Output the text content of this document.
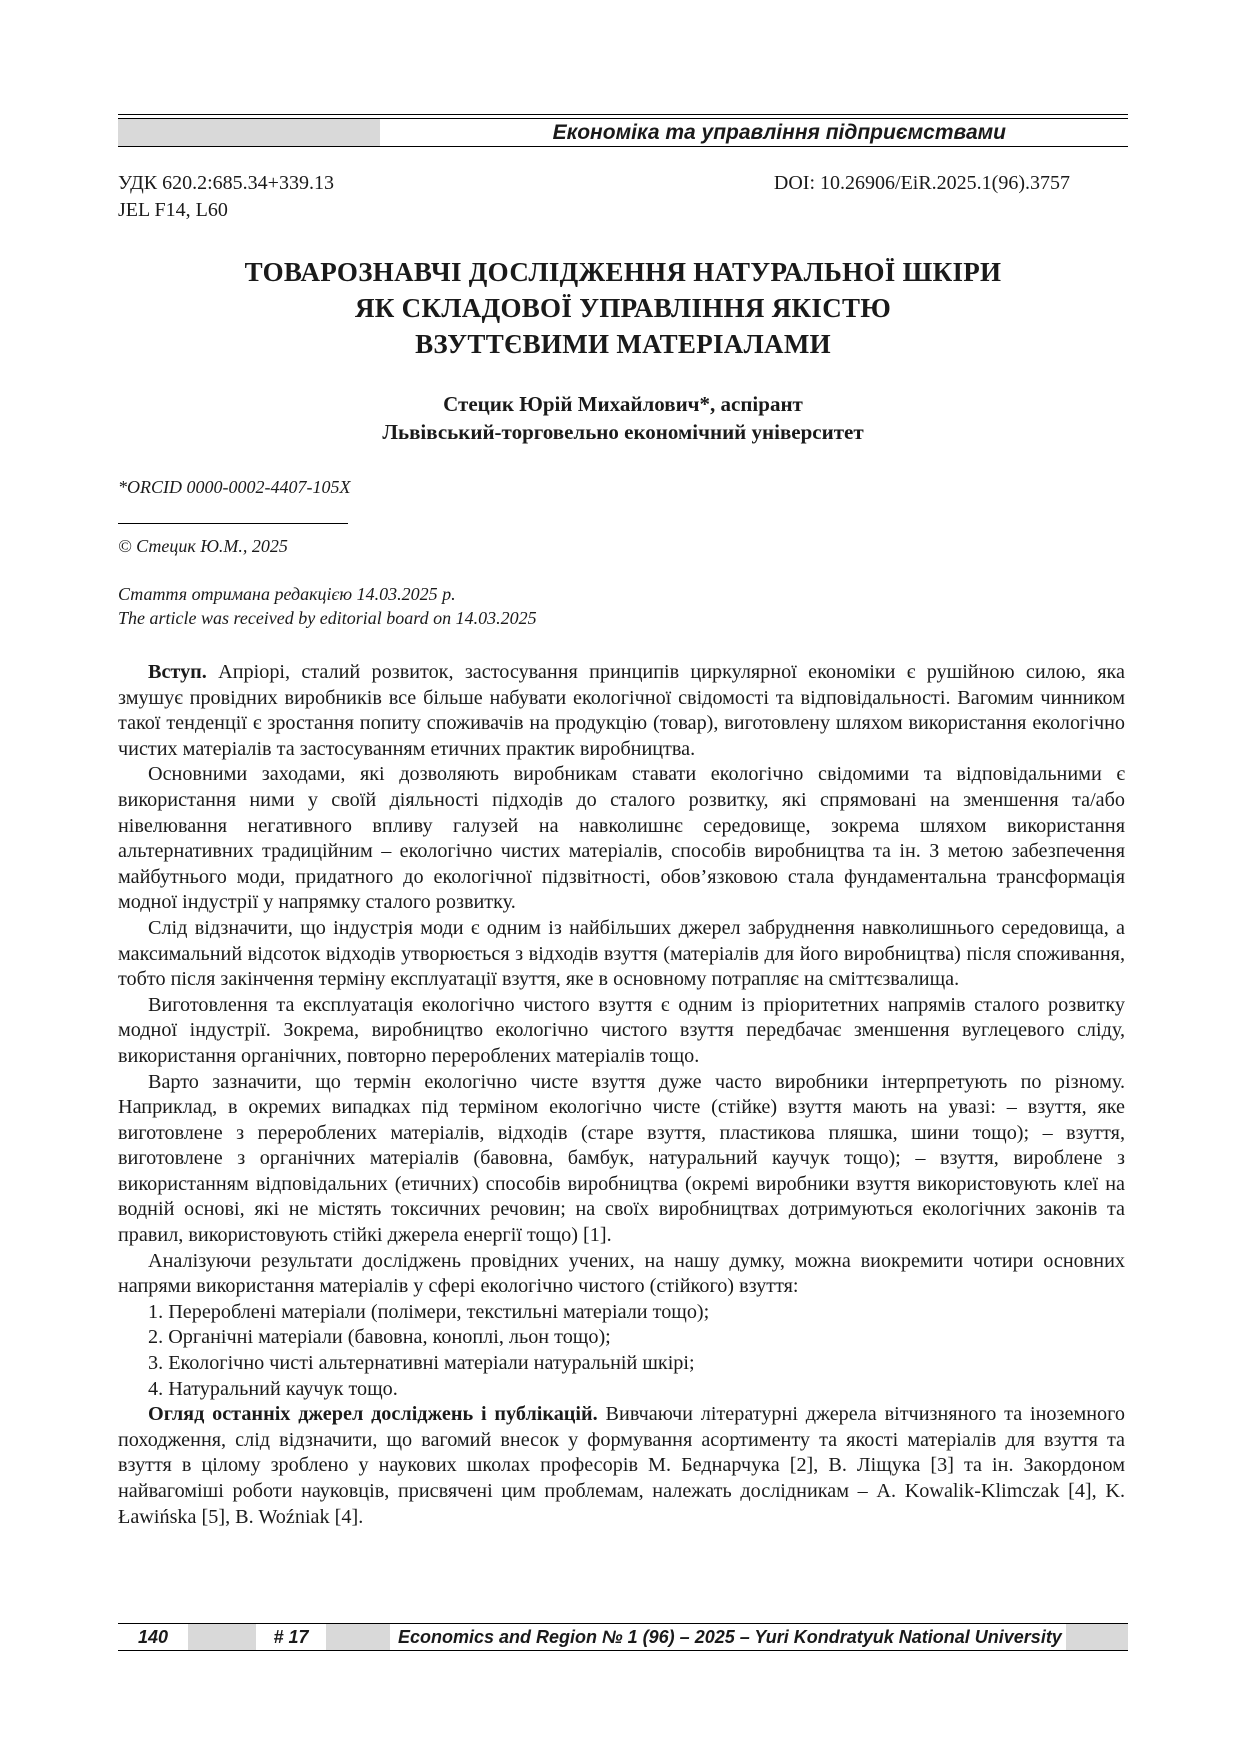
Економіка та управління підприємствами
УДК 620.2:685.34+339.13	DOI: 10.26906/EiR.2025.1(96).3757
JEL F14, L60
ТОВАРОЗНАВЧІ ДОСЛІДЖЕННЯ НАТУРАЛЬНОЇ ШКІРИ
ЯК СКЛАДОВОЇ УПРАВЛІННЯ ЯКІСТЮ
ВЗУТТЄВИМИ МАТЕРІАЛАМИ
Стецик Юрій Михайлович*, аспірант
Львівський-торговельно економічний університет
*ORCID 0000-0002-4407-105X
© Стецик Ю.М., 2025
Стаття отримана редакцією 14.03.2025 р.
The article was received by editorial board on 14.03.2025

Вступ. Апріорі, сталий розвиток, застосування принципів циркулярної економіки є рушійною силою, яка змушує провідних виробників все більше набувати екологічної свідомості та відповідальності. Вагомим чинником такої тенденції є зростання попиту споживачів на продукцію (товар), виготовлену шляхом використання екологічно чистих матеріалів та застосуванням етичних практик виробництва.

Основними заходами, які дозволяють виробникам ставати екологічно свідомими та відповідальними є використання ними у своїй діяльності підходів до сталого розвитку, які спрямовані на зменшення та/або нівелювання негативного впливу галузей на навколишнє середовище, зокрема шляхом використання альтернативних традиційним – екологічно чистих матеріалів, способів виробництва та ін. З метою забезпечення майбутнього моди, придатного до екологічної підзвітності, обов’язковою стала фундаментальна трансформація модної індустрії у напрямку сталого розвитку.

Слід відзначити, що індустрія моди є одним із найбільших джерел забруднення навколишнього середовища, а максимальний відсоток відходів утворюється з відходів взуття (матеріалів для його виробництва) після споживання, тобто після закінчення терміну експлуатації взуття, яке в основному потрапляє на сміттєзвалища.

Виготовлення та експлуатація екологічно чистого взуття є одним із пріоритетних напрямів сталого розвитку модної індустрії. Зокрема, виробництво екологічно чистого взуття передбачає зменшення вуглецевого сліду, використання органічних, повторно перероблених матеріалів тощо.

Варто зазначити, що термін екологічно чисте взуття дуже часто виробники інтерпретують по різному. Наприклад, в окремих випадках під терміном екологічно чисте (стійке) взуття мають на увазі: – взуття, яке виготовлене з перероблених матеріалів, відходів (старе взуття, пластикова пляшка, шини тощо); – взуття, виготовлене з органічних матеріалів (бавовна, бамбук, натуральний каучук тощо); – взуття, вироблене з використанням відповідальних (етичних) способів виробництва (окремі виробники взуття використовують клеї на водній основі, які не містять токсичних речовин; на своїх виробництвах дотримуються екологічних законів та правил, використовують стійкі джерела енергії тощо) [1].

Аналізуючи результати досліджень провідних учених, на нашу думку, можна виокремити чотири основних напрями використання матеріалів у сфері екологічно чистого (стійкого) взуття:

1. Перероблені матеріали (полімери, текстильні матеріали тощо);

2. Органічні матеріали (бавовна, коноплі, льон тощо);

3. Екологічно чисті альтернативні матеріали натуральній шкірі;

4. Натуральний каучук тощо.

Огляд останніх джерел досліджень і публікацій. Вивчаючи літературні джерела вітчизняного та іноземного походження, слід відзначити, що вагомий внесок у формування асортименту та якості матеріалів для взуття та взуття в цілому зроблено у наукових школах професорів М. Беднарчука [2], В. Ліщука [3] та ін. Закордоном найвагоміші роботи науковців, присвячені цим проблемам, належать дослідникам – A. Kowalik-Klimczak [4], K. Ławińska [5], B. Woźniak [4].

140	# 17	Economics and Region № 1 (96) – 2025 – Yuri Kondratyuk National University
